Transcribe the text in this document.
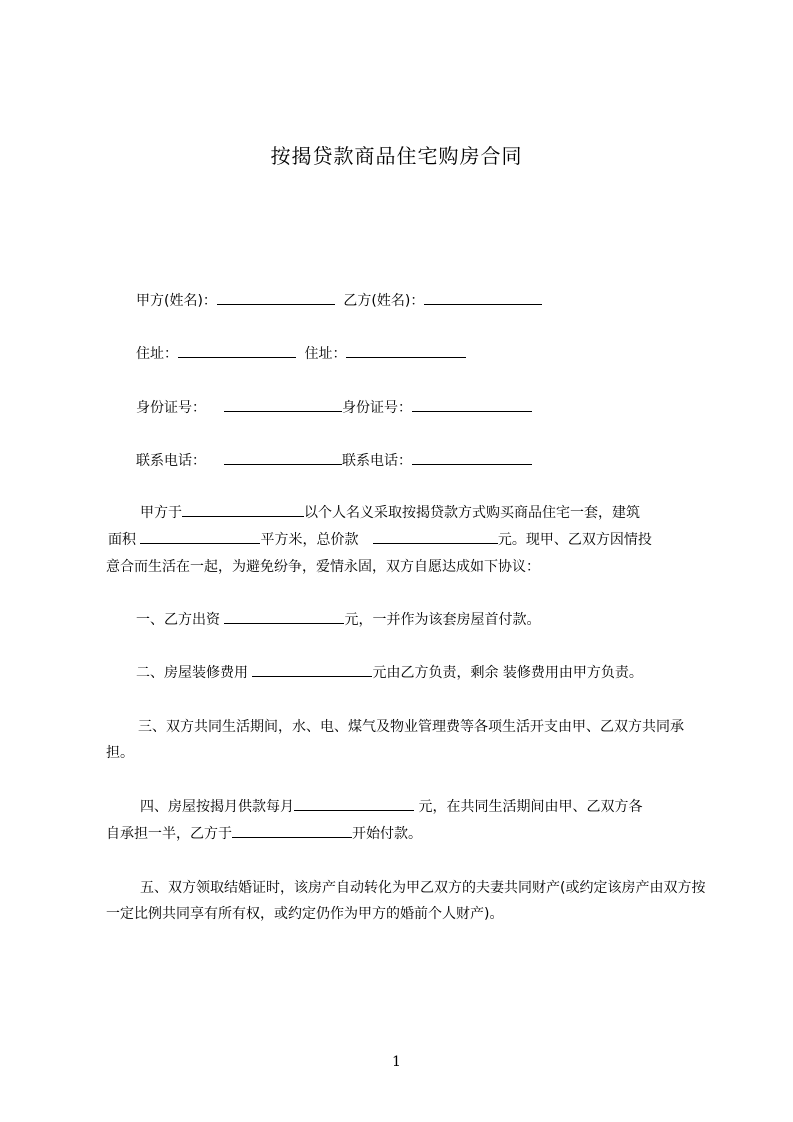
按揭贷款商品住宅购房合同
甲方(姓名)：	乙方(姓名)：
住址：	住址：
身份证号：	身份证号：
联系电话：	联系电话：
甲方于	以个人名义采取按揭贷款方式购买商品住宅一套，建筑
面积	平方米，总价款	元。现甲、乙双方因情投
意合而生活在一起，为避免纷争，爱情永固，双方自愿达成如下协议：
一、乙方出资	元，一并作为该套房屋首付款。
二、房屋装修费用	元由乙方负责，剩余 装修费用由甲方负责。
三、双方共同生活期间，水、电、煤气及物业管理费等各项生活开支由甲、乙双方共同承担。
四、房屋按揭月供款每月	元，在共同生活期间由甲、乙双方各
自承担一半，乙方于	开始付款。
五、双方领取结婚证时，该房产自动转化为甲乙双方的夫妻共同财产(或约定该房产由双方按一定比例共同享有所有权，或约定仍作为甲方的婚前个人财产)。
1
